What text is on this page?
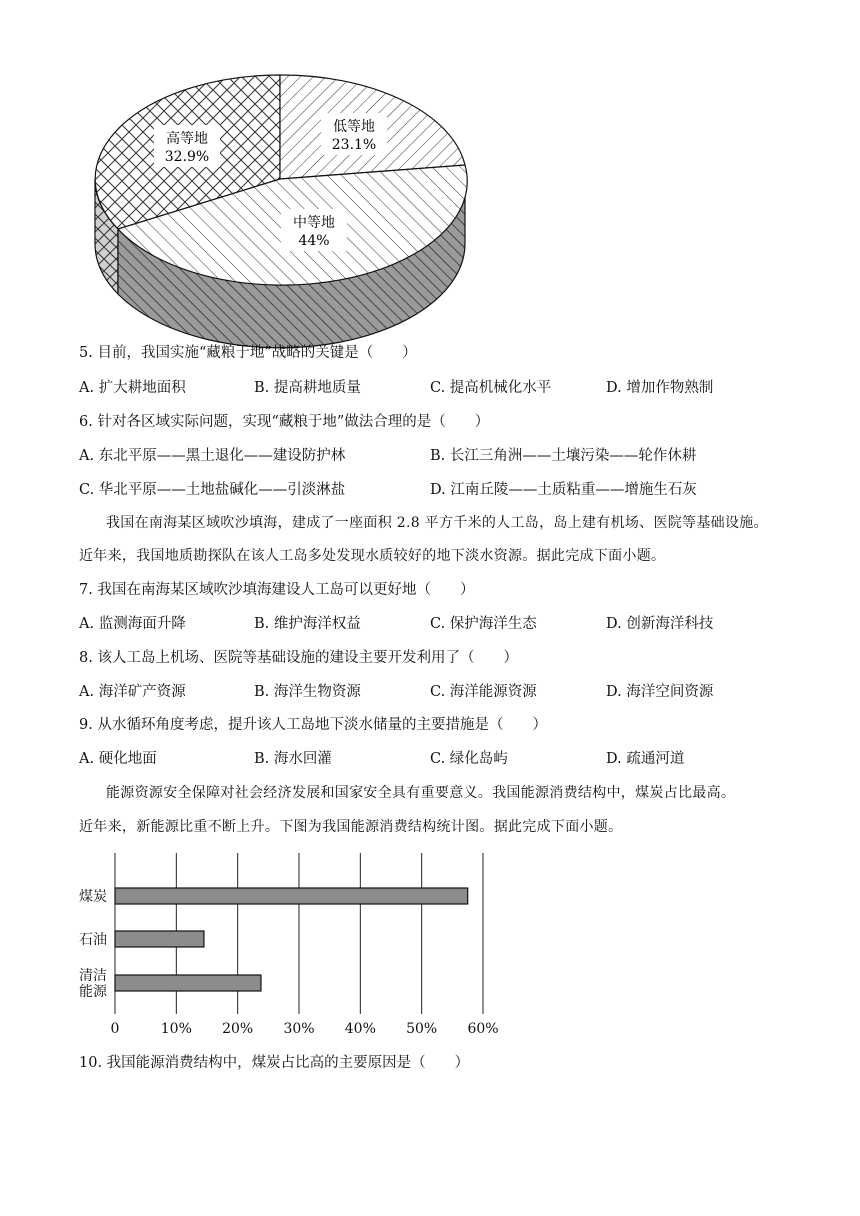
高等地
32.9%
低等地
23.1%
中等地
44%
5. 目前，我国实施“藏粮于地”战略的关键是（　　）
A. 扩大耕地面积	B. 提高耕地质量	C. 提高机械化水平	D. 增加作物熟制
6. 针对各区域实际问题，实现“藏粮于地”做法合理的是（　　）
A. 东北平原——黑土退化——建设防护林	B. 长江三角洲——土壤污染——轮作休耕
C. 华北平原——土地盐碱化——引淡淋盐	D. 江南丘陵——土质粘重——增施生石灰
我国在南海某区域吹沙填海，建成了一座面积 2.8 平方千米的人工岛，岛上建有机场、医院等基础设施。
近年来，我国地质勘探队在该人工岛多处发现水质较好的地下淡水资源。据此完成下面小题。
7. 我国在南海某区域吹沙填海建设人工岛可以更好地（　　）
A. 监测海面升降	B. 维护海洋权益	C. 保护海洋生态	D. 创新海洋科技
8. 该人工岛上机场、医院等基础设施的建设主要开发利用了（　　）
A. 海洋矿产资源	B. 海洋生物资源	C. 海洋能源资源	D. 海洋空间资源
9. 从水循环角度考虑，提升该人工岛地下淡水储量的主要措施是（　　）
A. 硬化地面	B. 海水回灌	C. 绿化岛屿	D. 疏通河道
能源资源安全保障对社会经济发展和国家安全具有重要意义。我国能源消费结构中，煤炭占比最高。
近年来，新能源比重不断上升。下图为我国能源消费结构统计图。据此完成下面小题。
0	10% 20% 30% 40% 50% 60%
煤炭
石油
清洁
能源
10. 我国能源消费结构中，煤炭占比高的主要原因是（　　）
